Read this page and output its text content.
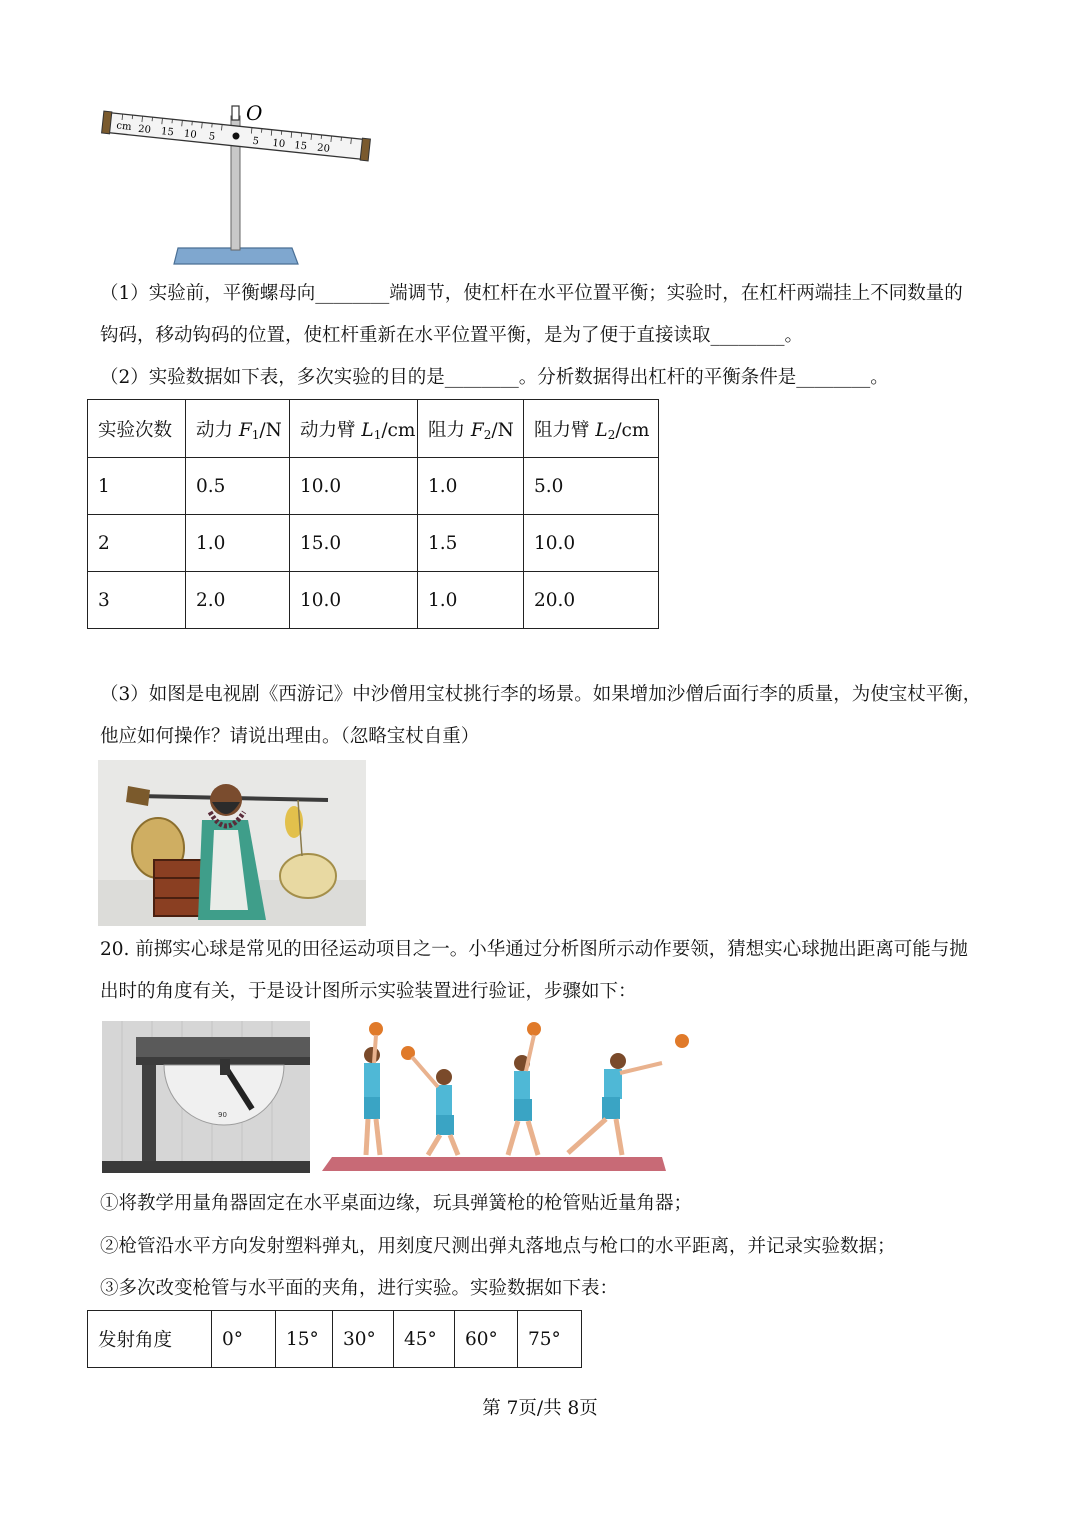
cm 20 15 10 5	5 10 15 20
O
（1）实验前，平衡螺母向________端调节，使杠杆在水平位置平衡；实验时，在杠杆两端挂上不同数量的
钩码，移动钩码的位置，使杠杆重新在水平位置平衡，是为了便于直接读取________。
（2）实验数据如下表，多次实验的目的是________。分析数据得出杠杆的平衡条件是________。
实验次数	动力 $F_1/N$	动力臂 $L_1/cm$	阻力 $F_2/N$	阻力臂 $L_2/cm$
1	0.5	10.0	1.0	5.0
2	1.0	15.0	1.5	10.0
3	2.0	10.0	1.0	20.0
（3）如图是电视剧《西游记》中沙僧用宝杖挑行李的场景。如果增加沙僧后面行李的质量，为使宝杖平衡，
他应如何操作？请说出理由。（忽略宝杖自重）
20. 前掷实心球是常见的田径运动项目之一。小华通过分析图所示动作要领，猜想实心球抛出距离可能与抛
出时的角度有关，于是设计图所示实验装置进行验证，步骤如下：
90
①将教学用量角器固定在水平桌面边缘，玩具弹簧枪的枪管贴近量角器；
②枪管沿水平方向发射塑料弹丸，用刻度尺测出弹丸落地点与枪口的水平距离，并记录实验数据；
③多次改变枪管与水平面的夹角，进行实验。实验数据如下表：
发射角度	0°	15°	30°	45°	60°	75°
第 7页/共 8页
